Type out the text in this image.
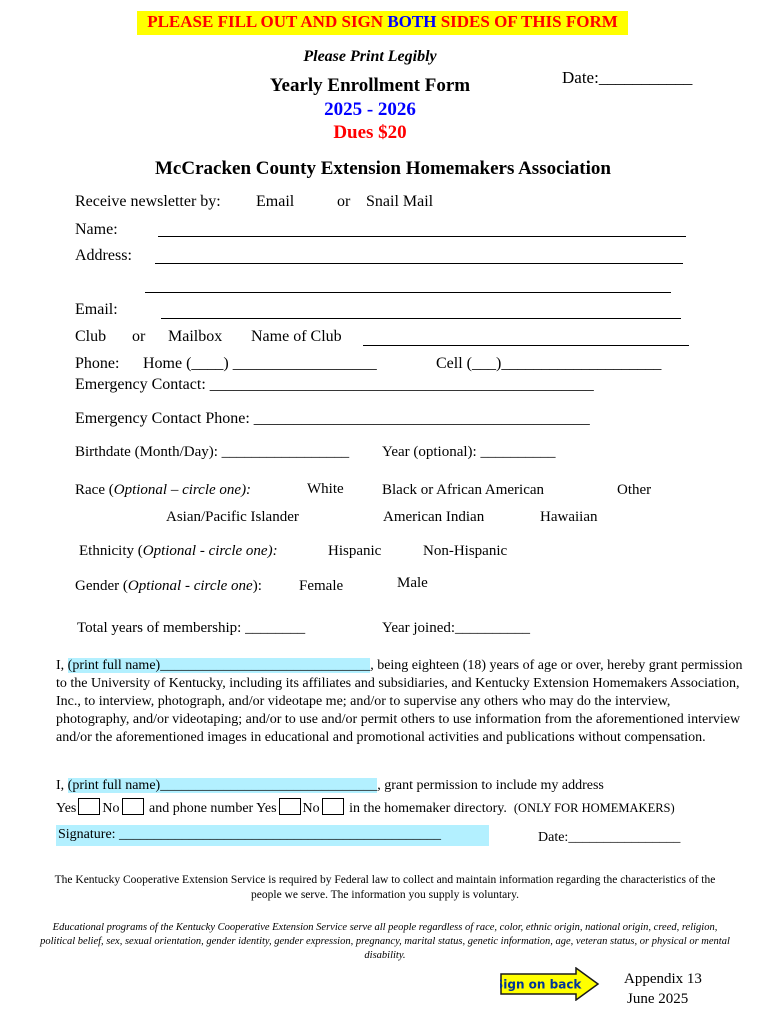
PLEASE FILL OUT AND SIGN BOTH SIDES OF THIS FORM
Please Print Legibly
Date:___________
Yearly Enrollment Form
2025 - 2026
Dues $20
McCracken County Extension Homemakers Association
Receive newsletter by: Email	or Snail Mail
Name:
Address:
Email:
Club or Mailbox Name of Club
Phone: Home (____) __________________	Cell (___)____________________
Emergency Contact: ________________________________________________
Emergency Contact Phone: __________________________________________
Birthdate (Month/Day): _________________ Year (optional): __________
Race (Optional – circle one):	White	Black or African American	Other
Asian/Pacific Islander	American Indian	Hawaiian
Ethnicity (Optional - circle one):	Hispanic	Non-Hispanic
Gender (Optional - circle one): Female	Male
Total years of membership: ________	Year joined:__________
I, (print full name)______________________________, being eighteen (18) years of age or over, hereby grant permission to the University of Kentucky, including its affiliates and subsidiaries, and Kentucky Extension Homemakers Association, Inc., to interview, photograph, and/or videotape me; and/or to supervise any others who may do the interview, photography, and/or videotaping; and/or to use and/or permit others to use information from the aforementioned interview and/or the aforementioned images in educational and promotional activities and publications without compensation.
I, (print full name)_______________________________, grant permission to include my address
Yes No and phone number Yes No in the homemaker directory. (ONLY FOR HOMEMAKERS)
Signature: ______________________________________________	Date:________________
The Kentucky Cooperative Extension Service is required by Federal law to collect and maintain information regarding the characteristics of the people we serve. The information you supply is voluntary.
Educational programs of the Kentucky Cooperative Extension Service serve all people regardless of race, color, ethnic origin, national origin, creed, religion, political belief, sex, sexual orientation, gender identity, gender expression, pregnancy, marital status, genetic information, age, veteran status, or physical or mental disability.
Sign on back	Appendix 13
June 2025
